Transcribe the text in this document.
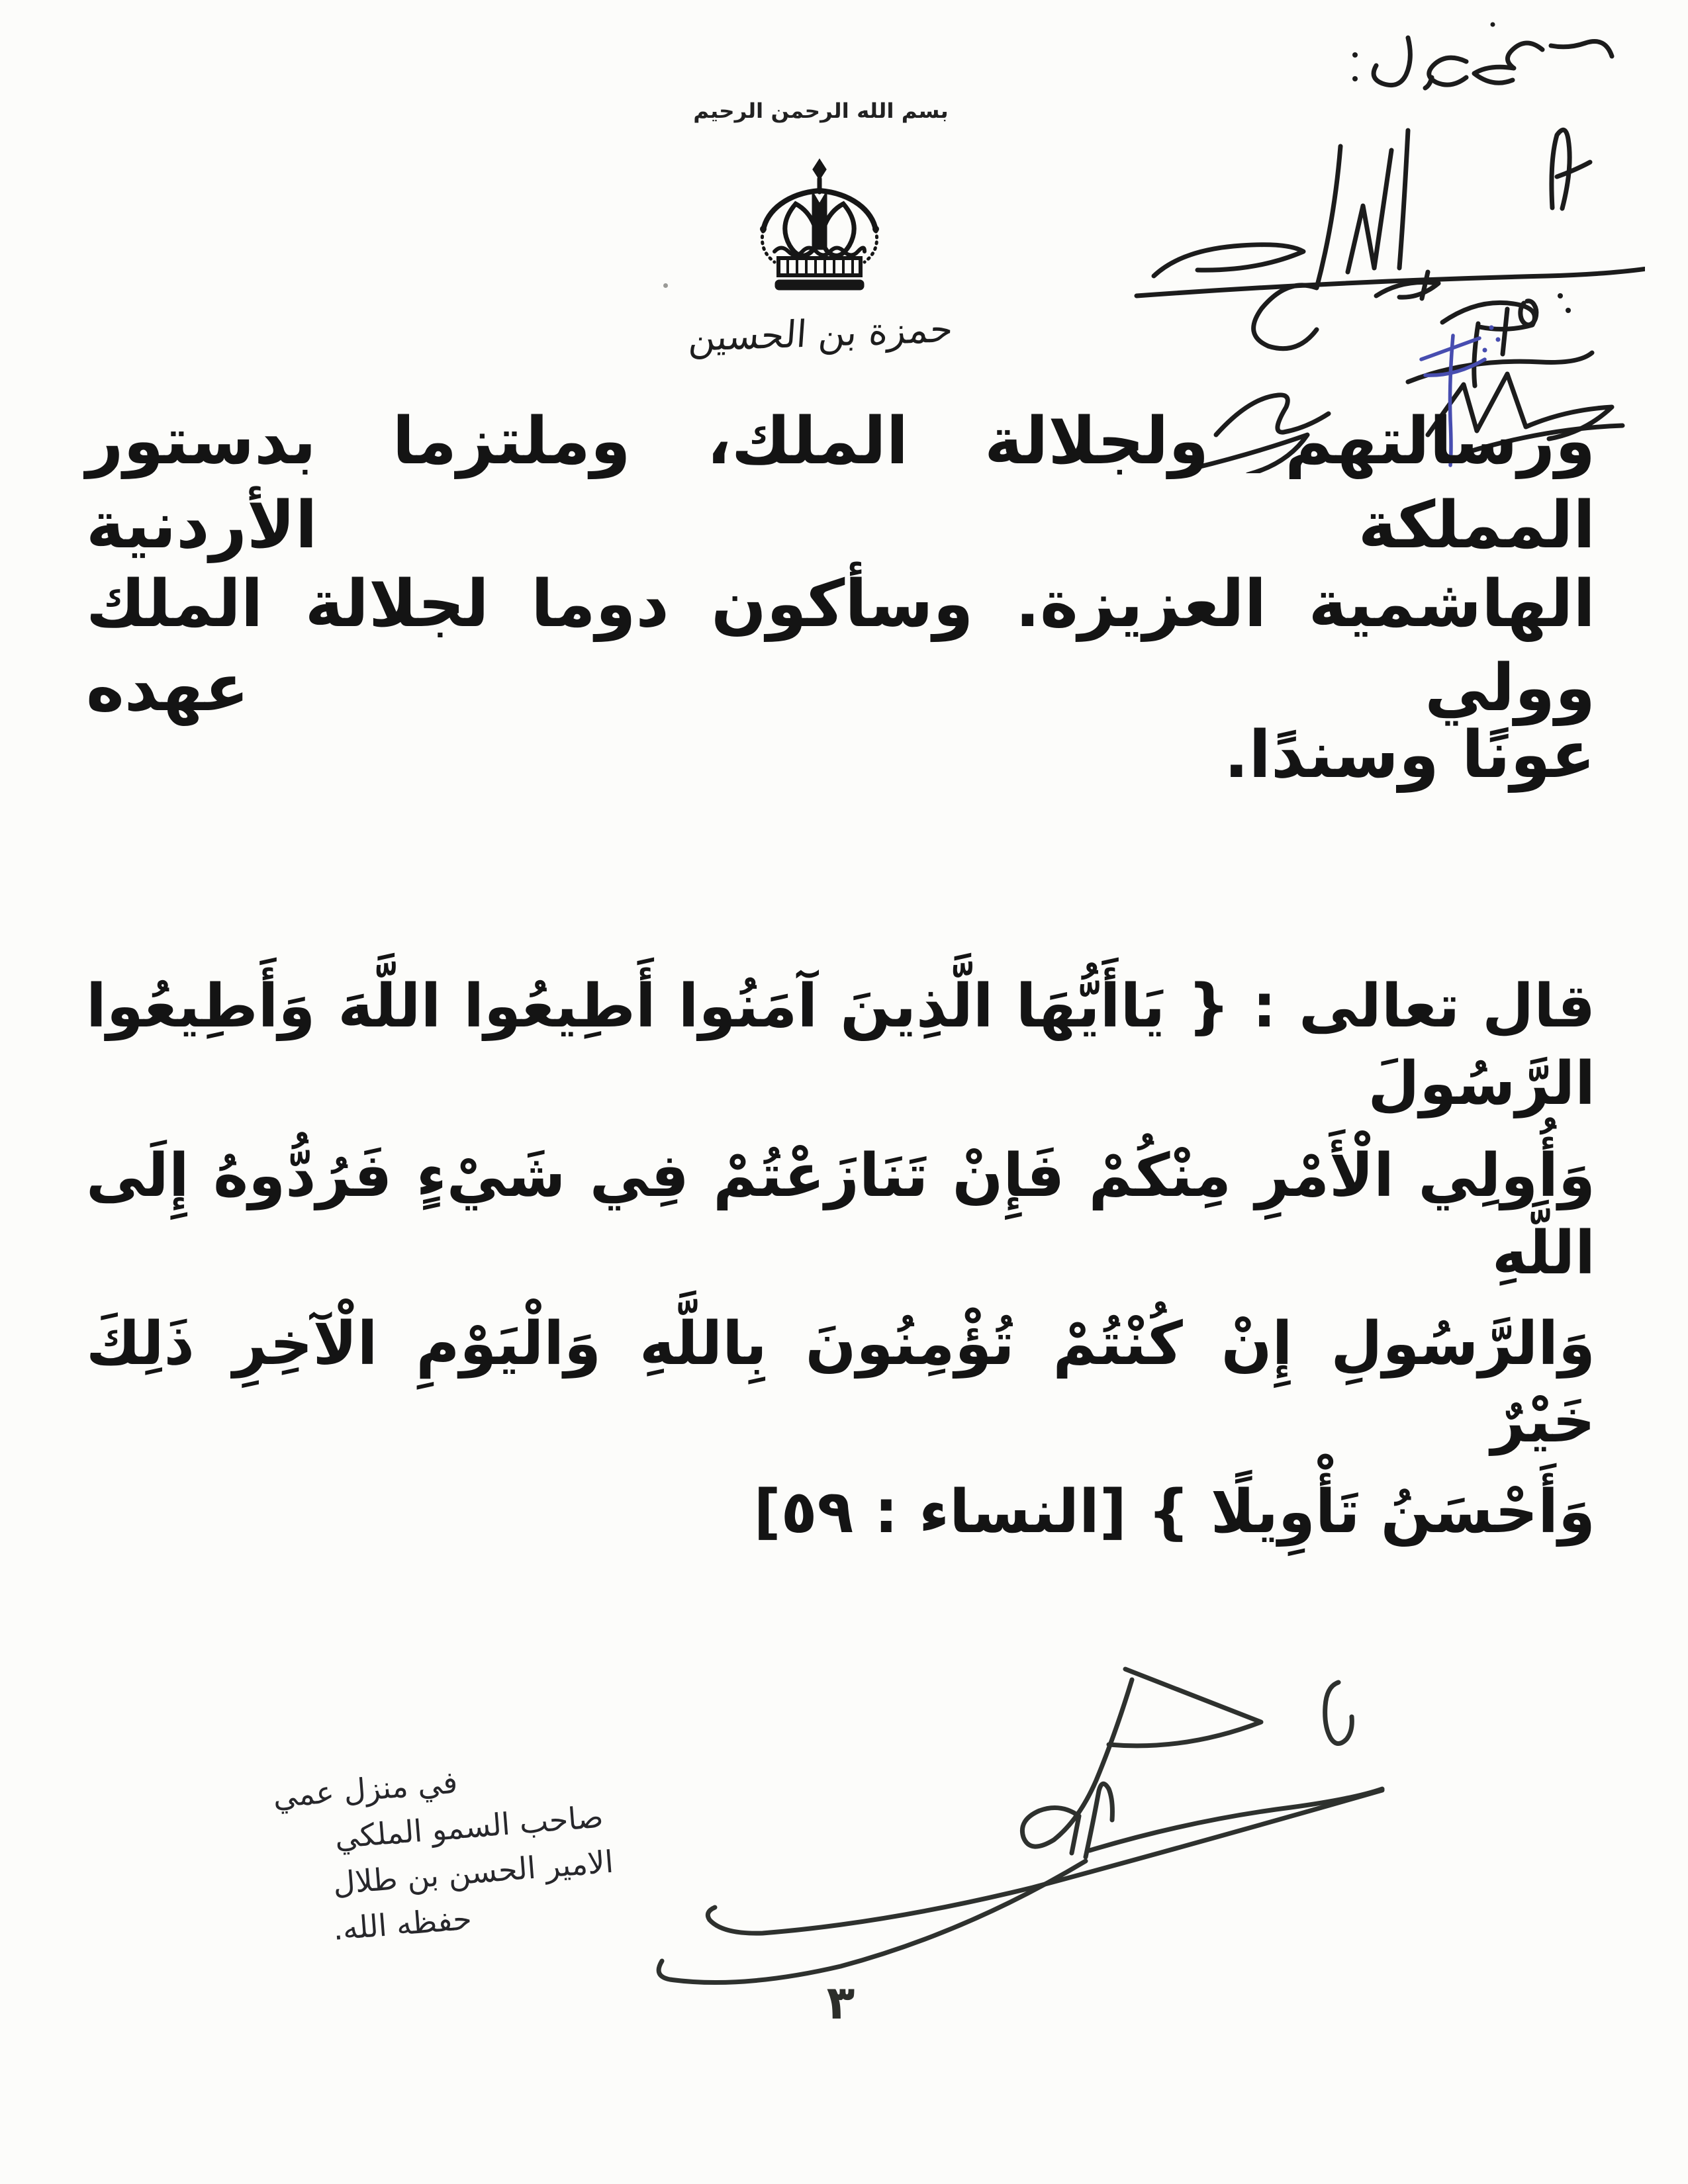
بسم الله الرحمن الرحيم
حمزة بن الحسين
ورسالتهم ولجلالة الملك، وملتزما بدستور المملكة الأردنية
الهاشمية العزيزة. وسأكون دوما لجلالة الملك وولي عهده
عونًا وسندًا.
قال تعالى : { يَاأَيُّهَا الَّذِينَ آمَنُوا أَطِيعُوا اللَّهَ وَأَطِيعُوا الرَّسُولَ
وَأُولِي الْأَمْرِ مِنْكُمْ فَإِنْ تَنَازَعْتُمْ فِي شَيْءٍ فَرُدُّوهُ إِلَى اللَّهِ
وَالرَّسُولِ إِنْ كُنْتُمْ تُؤْمِنُونَ بِاللَّهِ وَالْيَوْمِ الْآخِرِ ذَلِكَ خَيْرٌ
وَأَحْسَنُ تَأْوِيلًا } [النساء : ٥٩]
في منزل عمي
صاحب السمو الملكي
الامير الحسن بن طلال
حفظه الله.
٣
